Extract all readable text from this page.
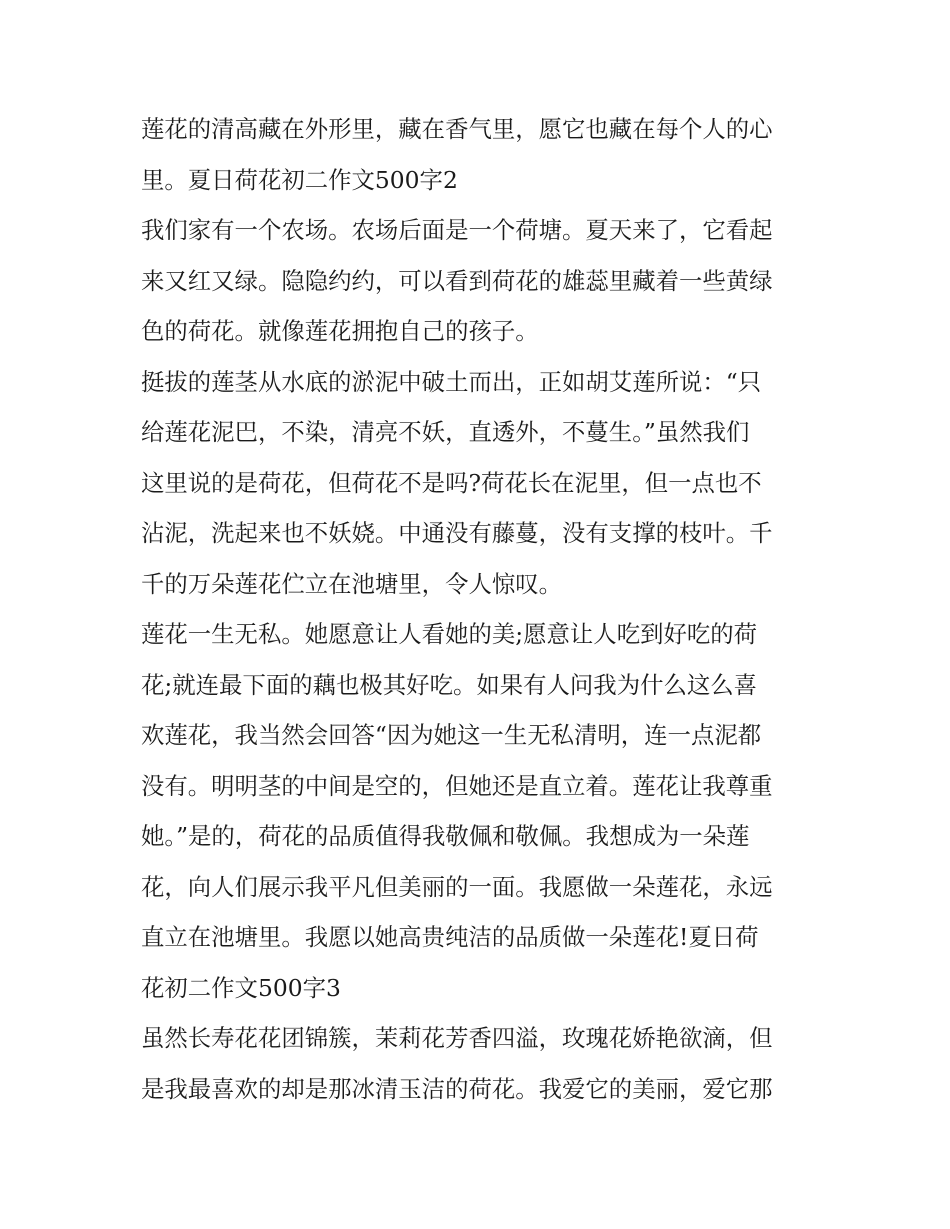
莲花的清高藏在外形里，藏在香气里，愿它也藏在每个人的心
里。夏日荷花初二作文500字2
我们家有一个农场。农场后面是一个荷塘。夏天来了，它看起
来又红又绿。隐隐约约，可以看到荷花的雄蕊里藏着一些黄绿
色的荷花。就像莲花拥抱自己的孩子。
挺拔的莲茎从水底的淤泥中破土而出，正如胡艾莲所说：“只
给莲花泥巴，不染，清亮不妖，直透外，不蔓生。”虽然我们
这里说的是荷花，但荷花不是吗?荷花长在泥里，但一点也不
沾泥，洗起来也不妖娆。中通没有藤蔓，没有支撑的枝叶。千
千的万朵莲花伫立在池塘里，令人惊叹。
莲花一生无私。她愿意让人看她的美;愿意让人吃到好吃的荷
花;就连最下面的藕也极其好吃。如果有人问我为什么这么喜
欢莲花，我当然会回答“因为她这一生无私清明，连一点泥都
没有。明明茎的中间是空的，但她还是直立着。莲花让我尊重
她。”是的，荷花的品质值得我敬佩和敬佩。我想成为一朵莲
花，向人们展示我平凡但美丽的一面。我愿做一朵莲花，永远
直立在池塘里。我愿以她高贵纯洁的品质做一朵莲花!夏日荷
花初二作文500字3
虽然长寿花花团锦簇，茉莉花芳香四溢，玫瑰花娇艳欲滴，但
是我最喜欢的却是那冰清玉洁的荷花。我爱它的美丽，爱它那
